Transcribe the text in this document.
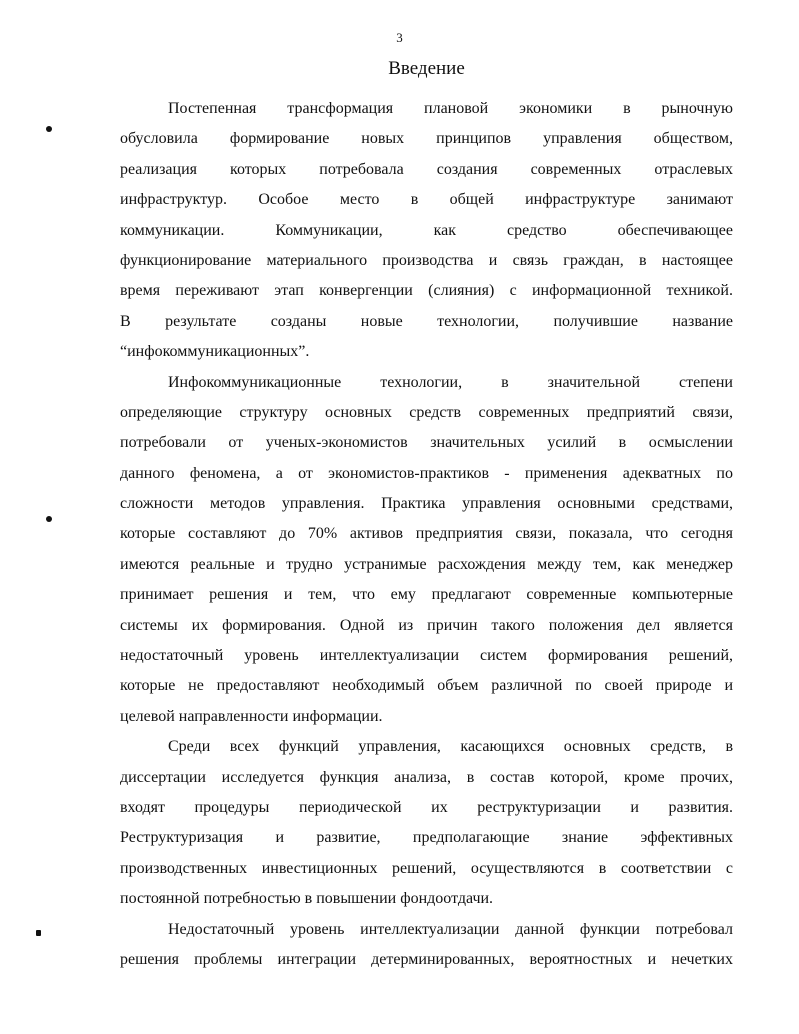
3
Введение
Постепенная трансформация плановой экономики в рыночную
обусловила формирование новых принципов управления обществом,
реализация которых потребовала создания современных отраслевых
инфраструктур. Особое место в общей инфраструктуре занимают
коммуникации. Коммуникации, как средство обеспечивающее
функционирование материального производства и связь граждан, в настоящее
время переживают этап конвергенции (слияния) с информационной техникой.
В результате созданы новые технологии, получившие название
“инфокоммуникационных”.
Инфокоммуникационные технологии, в значительной степени
определяющие структуру основных средств современных предприятий связи,
потребовали от ученых-экономистов значительных усилий в осмыслении
данного феномена, а от экономистов-практиков - применения адекватных по
сложности методов управления. Практика управления основными средствами,
которые составляют до 70% активов предприятия связи, показала, что сегодня
имеются реальные и трудно устранимые расхождения между тем, как менеджер
принимает решения и тем, что ему предлагают современные компьютерные
системы их формирования. Одной из причин такого положения дел является
недостаточный уровень интеллектуализации систем формирования решений,
которые не предоставляют необходимый объем различной по своей природе и
целевой направленности информации.
Среди всех функций управления, касающихся основных средств, в
диссертации исследуется функция анализа, в состав которой, кроме прочих,
входят процедуры периодической их реструктуризации и развития.
Реструктуризация и развитие, предполагающие знание эффективных
производственных инвестиционных решений, осуществляются в соответствии с
постоянной потребностью в повышении фондоотдачи.
Недостаточный уровень интеллектуализации данной функции потребовал
решения проблемы интеграции детерминированных, вероятностных и нечетких
